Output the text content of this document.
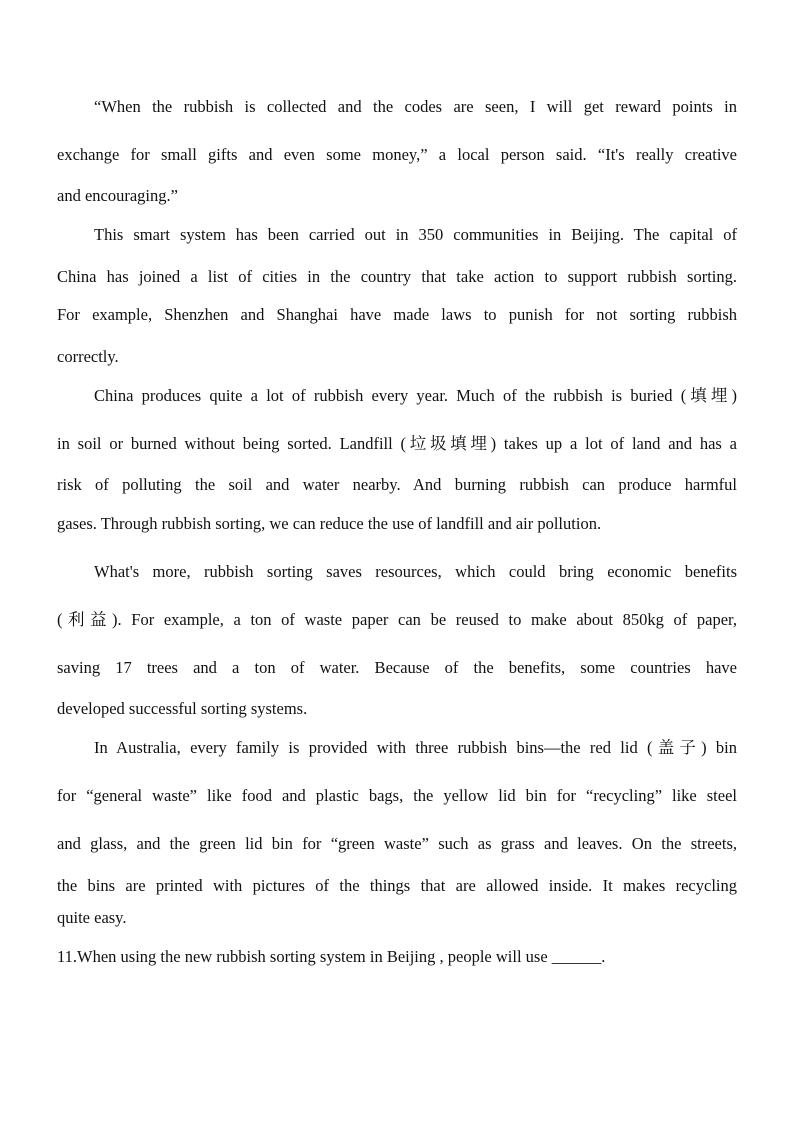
“When the rubbish is collected and the codes are seen, I will get reward points in
exchange for small gifts and even some money,” a local person said. “It's really creative
and encouraging.”
This smart system has been carried out in 350 communities in Beijing. The capital of
China has joined a list of cities in the country that take action to support rubbish sorting.
For example, Shenzhen and Shanghai have made laws to punish for not sorting rubbish
correctly.
China produces quite a lot of rubbish every year. Much of the rubbish is buried (填埋)
in soil or burned without being sorted. Landfill (垃圾填埋) takes up a lot of land and has a
risk of polluting the soil and water nearby. And burning rubbish can produce harmful
gases. Through rubbish sorting, we can reduce the use of landfill and air pollution.
What's more, rubbish sorting saves resources, which could bring economic benefits
(利益). For example, a ton of waste paper can be reused to make about 850kg of paper,
saving 17 trees and a ton of water. Because of the benefits, some countries have
developed successful sorting systems.
In Australia, every family is provided with three rubbish bins—the red lid (盖子) bin
for “general waste” like food and plastic bags, the yellow lid bin for “recycling” like steel
and glass, and the green lid bin for “green waste” such as grass and leaves. On the streets,
the bins are printed with pictures of the things that are allowed inside. It makes recycling
quite easy.
11.When using the new rubbish sorting system in Beijing , people will use ______.
